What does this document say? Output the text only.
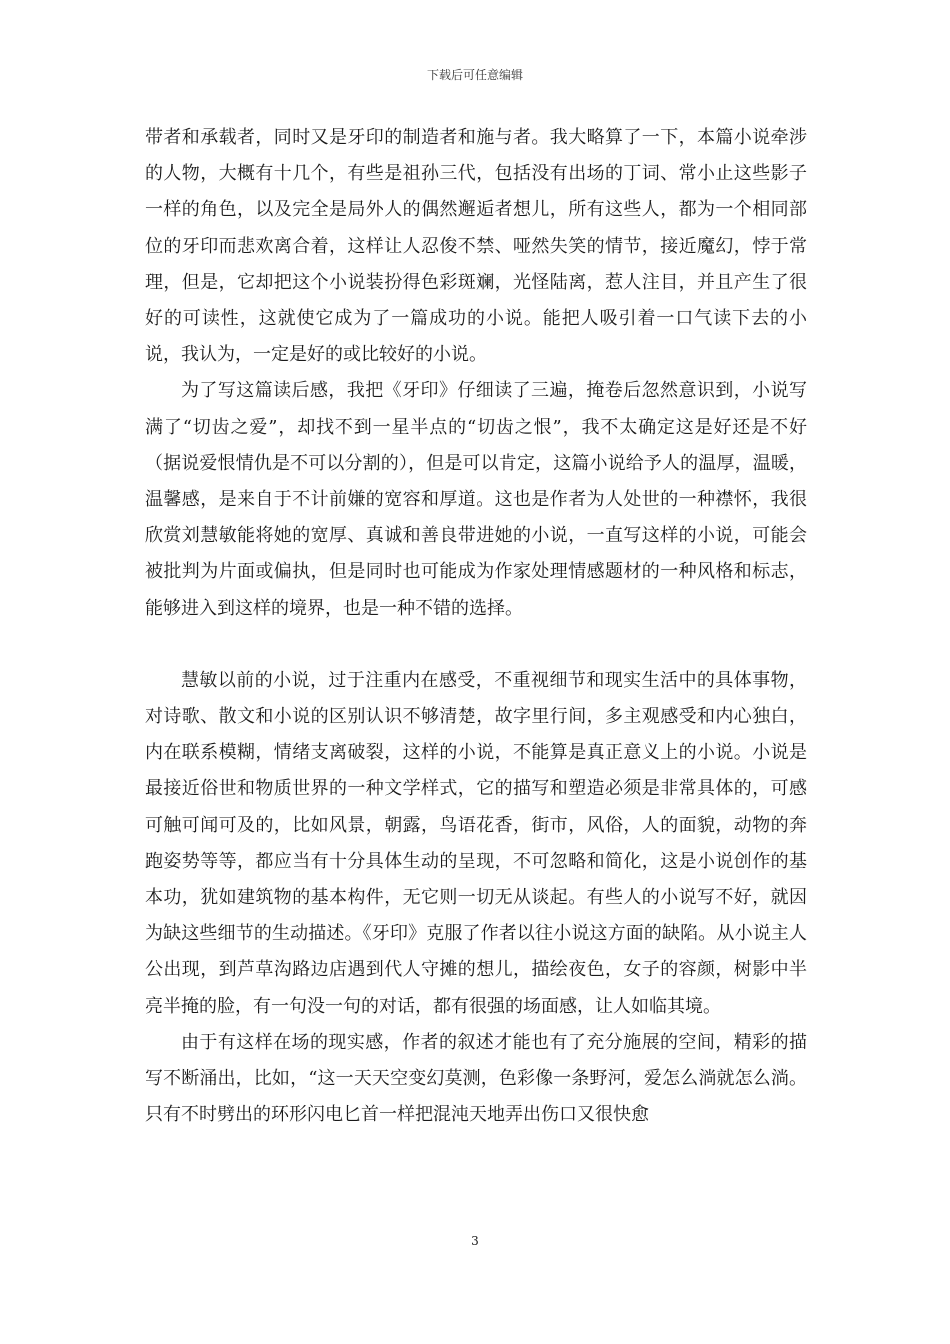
下载后可任意编辑

带者和承载者，同时又是牙印的制造者和施与者。我大略算了一下，本篇小说牵涉的人物，大概有十几个，有些是祖孙三代，包括没有出场的丁词、常小止这些影子一样的角色，以及完全是局外人的偶然邂逅者想儿，所有这些人，都为一个相同部位的牙印而悲欢离合着，这样让人忍俊不禁、哑然失笑的情节，接近魔幻，悖于常理，但是，它却把这个小说装扮得色彩斑斓，光怪陆离，惹人注目，并且产生了很好的可读性，这就使它成为了一篇成功的小说。能把人吸引着一口气读下去的小说，我认为，一定是好的或比较好的小说。

为了写这篇读后感，我把《牙印》仔细读了三遍，掩卷后忽然意识到，小说写满了“切齿之爱”，却找不到一星半点的“切齿之恨”，我不太确定这是好还是不好（据说爱恨情仇是不可以分割的），但是可以肯定，这篇小说给予人的温厚，温暖，温馨感，是来自于不计前嫌的宽容和厚道。这也是作者为人处世的一种襟怀，我很欣赏刘慧敏能将她的宽厚、真诚和善良带进她的小说，一直写这样的小说，可能会被批判为片面或偏执，但是同时也可能成为作家处理情感题材的一种风格和标志，能够进入到这样的境界，也是一种不错的选择。

慧敏以前的小说，过于注重内在感受，不重视细节和现实生活中的具体事物，对诗歌、散文和小说的区别认识不够清楚，故字里行间，多主观感受和内心独白，内在联系模糊，情绪支离破裂，这样的小说，不能算是真正意义上的小说。小说是最接近俗世和物质世界的一种文学样式，它的描写和塑造必须是非常具体的，可感可触可闻可及的，比如风景，朝露，鸟语花香，街市，风俗，人的面貌，动物的奔跑姿势等等，都应当有十分具体生动的呈现，不可忽略和简化，这是小说创作的基本功，犹如建筑物的基本构件，无它则一切无从谈起。有些人的小说写不好，就因为缺这些细节的生动描述。《牙印》克服了作者以往小说这方面的缺陷。从小说主人公出现，到芦草沟路边店遇到代人守摊的想儿，描绘夜色，女子的容颜，树影中半亮半掩的脸，有一句没一句的对话，都有很强的场面感，让人如临其境。

由于有这样在场的现实感，作者的叙述才能也有了充分施展的空间，精彩的描写不断涌出，比如，“这一天天空变幻莫测，色彩像一条野河，爱怎么淌就怎么淌。只有不时劈出的环形闪电匕首一样把混沌天地弄出伤口又很快愈

3
